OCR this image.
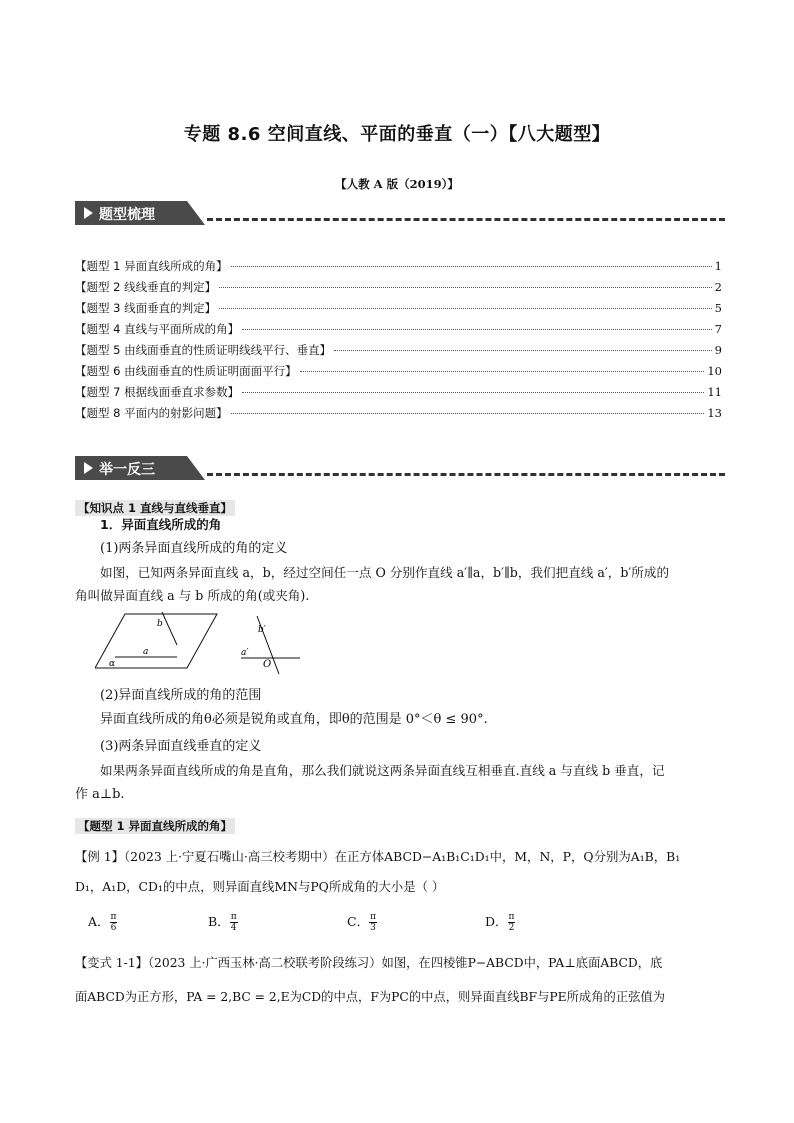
专题 8.6 空间直线、平面的垂直（一）【八大题型】
【人教 A 版（2019）】
题型梳理
【题型 1 异面直线所成的角】	1
【题型 2 线线垂直的判定】	2
【题型 3 线面垂直的判定】	5
【题型 4 直线与平面所成的角】	7
【题型 5 由线面垂直的性质证明线线平行、垂直】	9
【题型 6 由线面垂直的性质证明面面平行】	10
【题型 7 根据线面垂直求参数】	11
【题型 8 平面内的射影问题】	13
举一反三
【知识点 1 直线与直线垂直】
1．异面直线所成的角
(1)两条异面直线所成的角的定义
如图，已知两条异面直线 a，b，经过空间任一点 O 分别作直线 a′∥a，b′∥b，我们把直线 a′，b′所成的
角叫做异面直线 a 与 b 所成的角(或夹角).
b
a
α
b′
a′
O
(2)异面直线所成的角的范围
异面直线所成的角θ必须是锐角或直角，即θ的范围是 0°＜θ ≤ 90°.
(3)两条异面直线垂直的定义
如果两条异面直线所成的角是直角，那么我们就说这两条异面直线互相垂直.直线 a 与直线 b 垂直，记
作 a⊥b.
【题型 1 异面直线所成的角】
【例 1】（2023 上·宁夏石嘴山·高三校考期中）在正方体ABCD−A₁B₁C₁D₁中，M，N，P，Q分别为A₁B，B₁
D₁，A₁D，CD₁的中点，则异面直线MN与PQ所成角的大小是（ ）
A． $\frac{\pi}{6}$	B． $\frac{\pi}{4}$	C． $\frac{\pi}{3}$	D． $\frac{\pi}{2}$
【变式 1-1】（2023 上·广西玉林·高二校联考阶段练习）如图，在四棱锥P−ABCD中，PA⊥底面ABCD，底
面ABCD为正方形，PA = 2,BC = 2,E为CD的中点，F为PC的中点，则异面直线BF与PE所成角的正弦值为
